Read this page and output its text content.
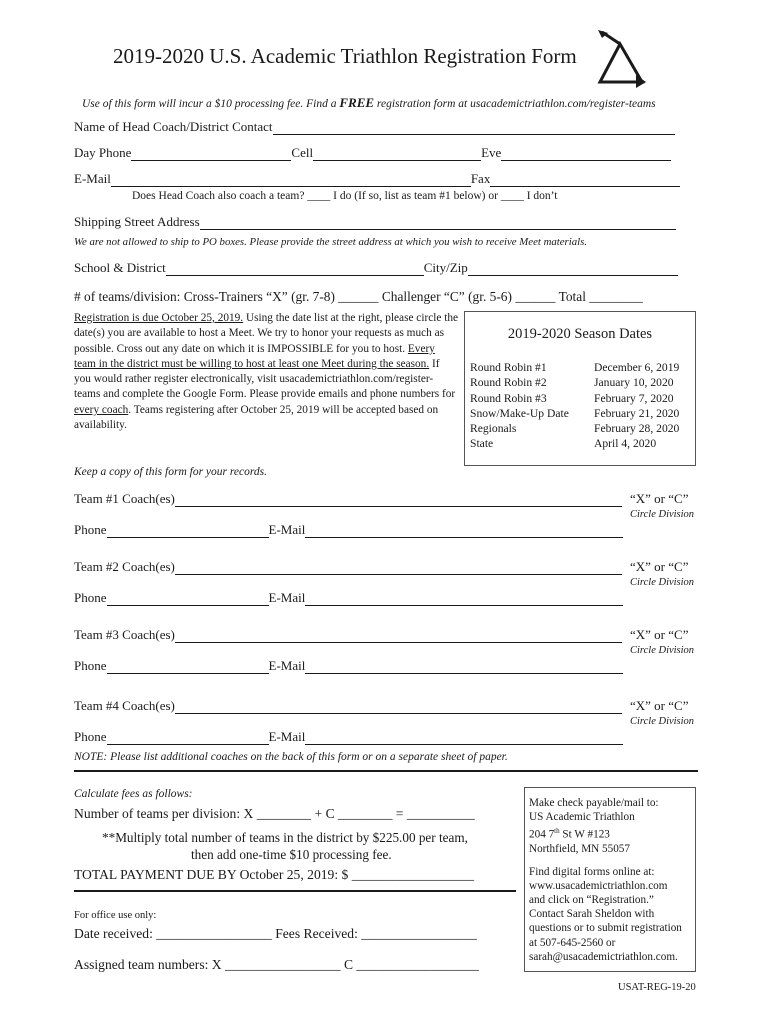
2019-2020 U.S. Academic Triathlon Registration Form
Use of this form will incur a $10 processing fee. Find a FREE registration form at usacademictriathlon.com/register-teams
Name of Head Coach/District Contact
Day Phone	Cell	Eve
E-Mail	Fax
Does Head Coach also coach a team? ____ I do (If so, list as team #1 below) or ____ I don’t
Shipping Street Address
We are not allowed to ship to PO boxes. Please provide the street address at which you wish to receive Meet materials.
School & District	City/Zip
# of teams/division: Cross-Trainers “X” (gr. 7-8) ______ Challenger “C” (gr. 5-6) ______ Total ________
Registration is due October 25, 2019. Using the date list at the right, please circle the date(s) you are available to host a Meet. We try to honor your requests as much as possible. Cross out any date on which it is IMPOSSIBLE for you to host. Every team in the district must be willing to host at least one Meet during the season. If you would rather register electronically, visit usacademictriathlon.com/register-teams and complete the Google Form. Please provide emails and phone numbers for every coach. Teams registering after October 25, 2019 will be accepted based on availability.
2019-2020 Season Dates
Round Robin #1	December 6, 2019
Round Robin #2	January 10, 2020
Round Robin #3	February 7, 2020
Snow/Make-Up Date	February 21, 2020
Regionals	February 28, 2020
State	April 4, 2020
Keep a copy of this form for your records.
Team #1 Coach(es)	“X” or “C”
Circle Division
Phone	E-Mail
Team #2 Coach(es)	“X” or “C”
Circle Division
Phone	E-Mail
Team #3 Coach(es)	“X” or “C”
Circle Division
Phone	E-Mail
Team #4 Coach(es)	“X” or “C”
Circle Division
Phone	E-Mail
NOTE: Please list additional coaches on the back of this form or on a separate sheet of paper.
Calculate fees as follows:
Number of teams per division: X ________ + C ________ = __________
**Multiply total number of teams in the district by $225.00 per team,
then add one-time $10 processing fee.
TOTAL PAYMENT DUE BY October 25, 2019: $ __________________
For office use only:
Date received: _________________ Fees Received: _________________
Assigned team numbers: X _________________ C __________________
Make check payable/mail to:
US Academic Triathlon
204 7th St W #123
Northfield, MN 55057
Find digital forms online at:
www.usacademictriathlon.com
and click on “Registration.”
Contact Sarah Sheldon with
questions or to submit registration
at 507-645-2560 or
sarah@usacademictriathlon.com.
USAT-REG-19-20
